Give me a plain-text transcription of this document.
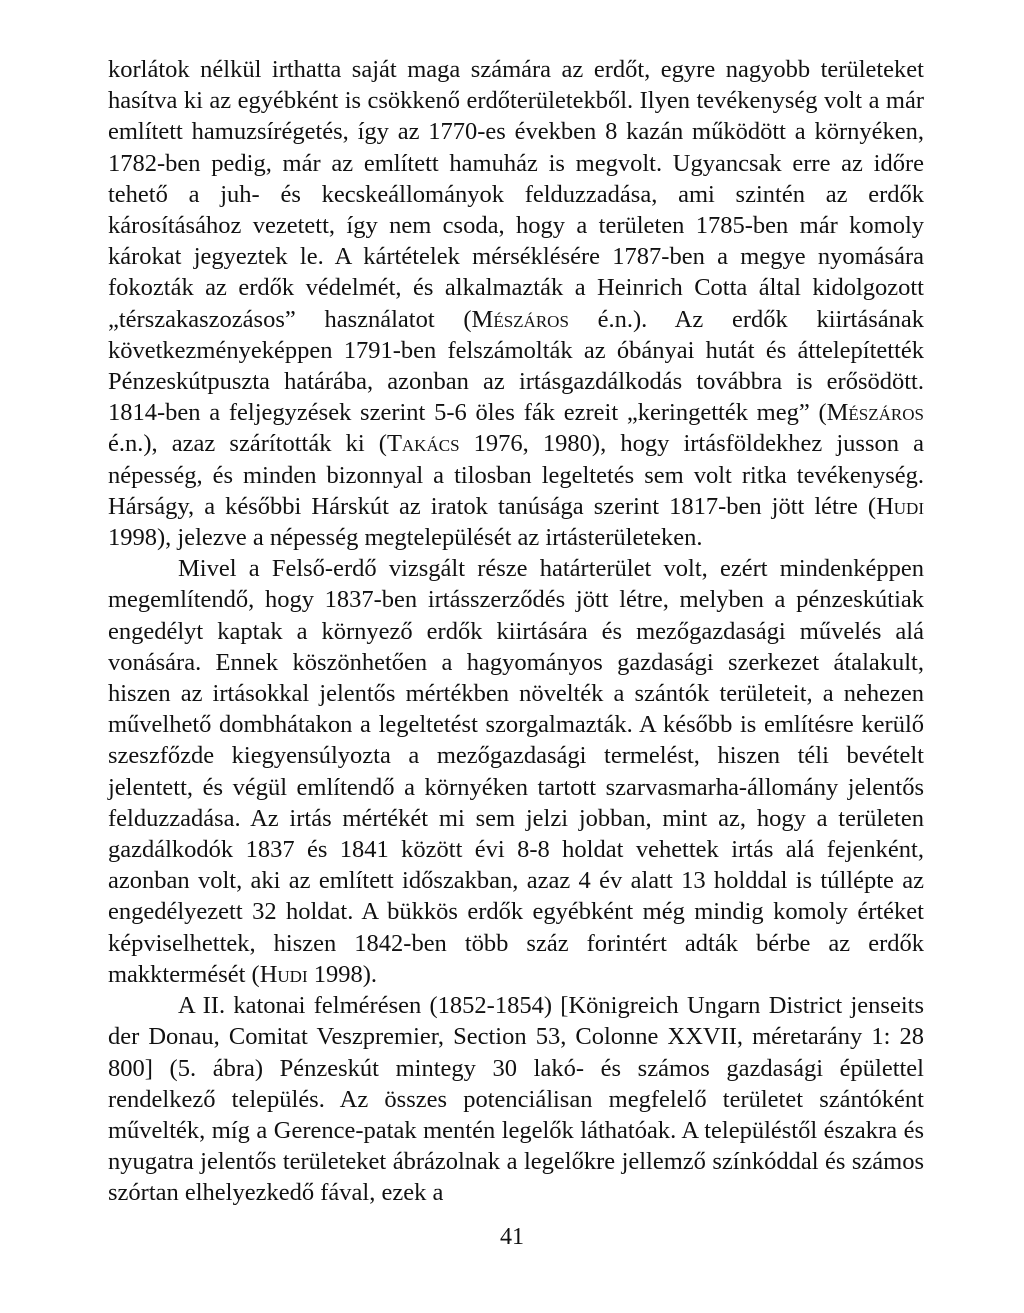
korlátok nélkül irthatta saját maga számára az erdőt, egyre nagyobb területeket hasítva ki az egyébként is csökkenő erdőterületekből. Ilyen tevékenység volt a már említett hamuzsírégetés, így az 1770-es években 8 kazán működött a környéken, 1782-ben pedig, már az említett hamuház is megvolt. Ugyancsak erre az időre tehető a juh- és kecskeállományok felduzzadása, ami szintén az erdők károsításához vezetett, így nem csoda, hogy a területen 1785-ben már komoly károkat jegyeztek le. A kártételek mérséklésére 1787-ben a megye nyomására fokozták az erdők védelmét, és alkalmazták a Heinrich Cotta által kidolgozott „térszakaszozásos” használatot (Mészáros é.n.). Az erdők kiirtásának következményeképpen 1791-ben felszámolták az óbányai hutát és áttelepítették Pénzeskútpuszta határába, azonban az irtásgazdálkodás továbbra is erősödött. 1814-ben a feljegyzések szerint 5-6 öles fák ezreit „keringették meg” (Mészáros é.n.), azaz szárították ki (Takács 1976, 1980), hogy irtásföldekhez jusson a népesség, és minden bizonnyal a tilosban legeltetés sem volt ritka tevékenység. Hárságy, a későbbi Hárskút az iratok tanúsága szerint 1817-ben jött létre (Hudi 1998), jelezve a népesség megtelepülését az irtásterületeken.

Mivel a Felső-erdő vizsgált része határterület volt, ezért mindenképpen megemlítendő, hogy 1837-ben irtásszerződés jött létre, melyben a pénzeskútiak engedélyt kaptak a környező erdők kiirtására és mezőgazdasági művelés alá vonására. Ennek köszönhetően a hagyományos gazdasági szerkezet átalakult, hiszen az irtásokkal jelentős mértékben növelték a szántók területeit, a nehezen művelhető dombhátakon a legeltetést szorgalmazták. A később is említésre kerülő szeszfőzde kiegyensúlyozta a mezőgazdasági termelést, hiszen téli bevételt jelentett, és végül említendő a környéken tartott szarvasmarha-állomány jelentős felduzzadása. Az irtás mértékét mi sem jelzi jobban, mint az, hogy a területen gazdálkodók 1837 és 1841 között évi 8-8 holdat vehettek irtás alá fejenként, azonban volt, aki az említett időszakban, azaz 4 év alatt 13 holddal is túllépte az engedélyezett 32 holdat. A bükkös erdők egyébként még mindig komoly értéket képviselhettek, hiszen 1842-ben több száz forintért adták bérbe az erdők makktermését (Hudi 1998).

A II. katonai felmérésen (1852-1854) [Königreich Ungarn District jenseits der Donau, Comitat Veszpremier, Section 53, Colonne XXVII, méretarány 1: 28 800] (5. ábra) Pénzeskút mintegy 30 lakó- és számos gazdasági épülettel rendelkező település. Az összes potenciálisan megfelelő területet szántóként művelték, míg a Gerence-patak mentén legelők láthatóak. A településtől északra és nyugatra jelentős területeket ábrázolnak a legelőkre jellemző színkóddal és számos szórtan elhelyezkedő fával, ezek a

41
